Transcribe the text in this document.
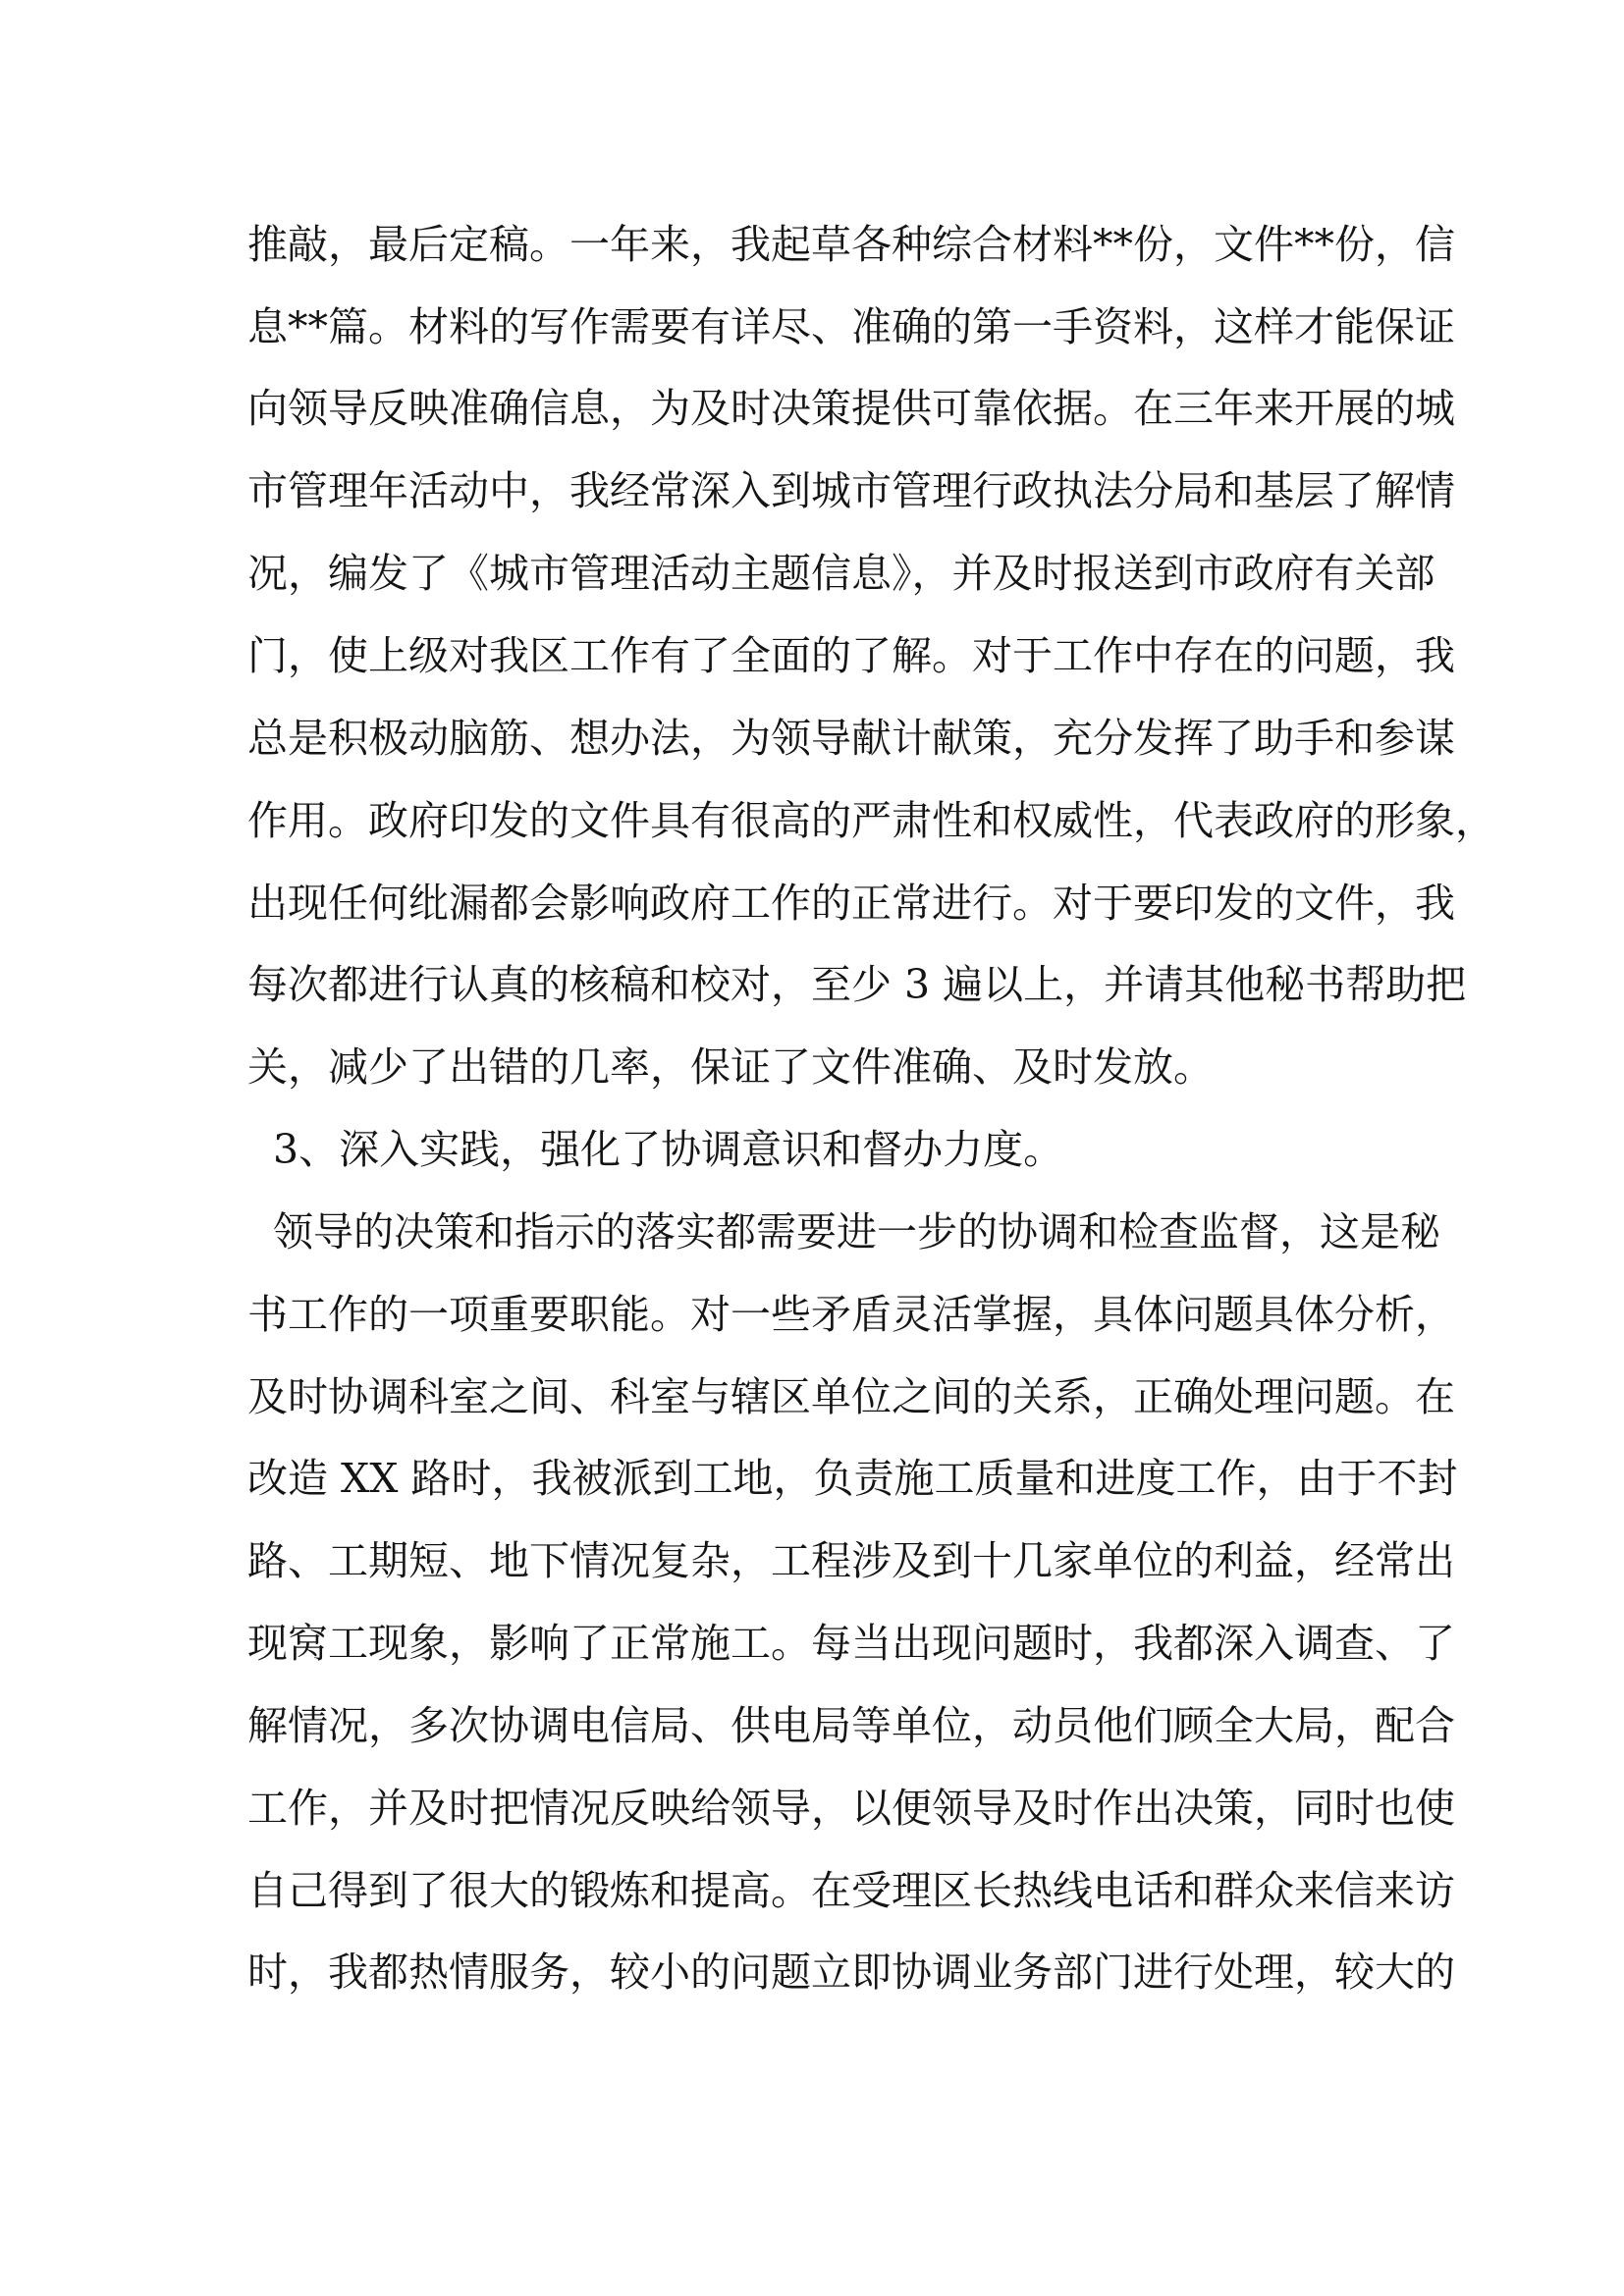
推敲，最后定稿。一年来，我起草各种综合材料**份，文件**份，信
息**篇。材料的写作需要有详尽、准确的第一手资料，这样才能保证
向领导反映准确信息，为及时决策提供可靠依据。在三年来开展的城
市管理年活动中，我经常深入到城市管理行政执法分局和基层了解情
况，编发了《城市管理活动主题信息》，并及时报送到市政府有关部
门，使上级对我区工作有了全面的了解。对于工作中存在的问题，我
总是积极动脑筋、想办法，为领导献计献策，充分发挥了助手和参谋
作用。政府印发的文件具有很高的严肃性和权威性，代表政府的形象，
出现任何纰漏都会影响政府工作的正常进行。对于要印发的文件，我
每次都进行认真的核稿和校对，至少 3 遍以上，并请其他秘书帮助把
关，减少了出错的几率，保证了文件准确、及时发放。
3、深入实践，强化了协调意识和督办力度。
领导的决策和指示的落实都需要进一步的协调和检查监督，这是秘
书工作的一项重要职能。对一些矛盾灵活掌握，具体问题具体分析，
及时协调科室之间、科室与辖区单位之间的关系，正确处理问题。在
改造 XX 路时，我被派到工地，负责施工质量和进度工作，由于不封
路、工期短、地下情况复杂，工程涉及到十几家单位的利益，经常出
现窝工现象，影响了正常施工。每当出现问题时，我都深入调查、了
解情况，多次协调电信局、供电局等单位，动员他们顾全大局，配合
工作，并及时把情况反映给领导，以便领导及时作出决策，同时也使
自己得到了很大的锻炼和提高。在受理区长热线电话和群众来信来访
时，我都热情服务，较小的问题立即协调业务部门进行处理，较大的
